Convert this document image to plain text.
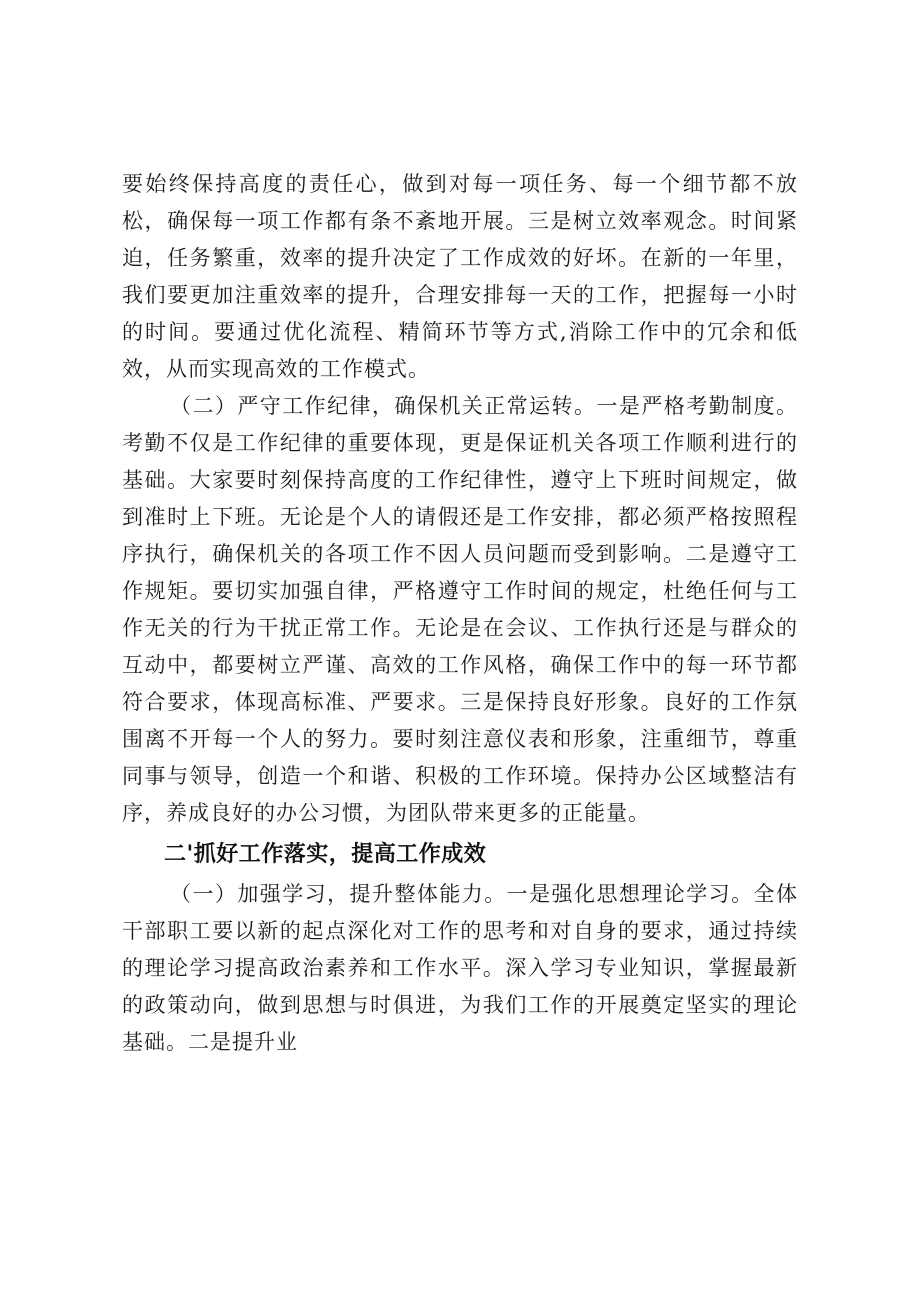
要始终保持高度的责任心，做到对每一项任务、每一个细节都不放松，确保每一项工作都有条不紊地开展。三是树立效率观念。时间紧迫，任务繁重，效率的提升决定了工作成效的好坏。在新的一年里，我们要更加注重效率的提升，合理安排每一天的工作，把握每一小时的时间。要通过优化流程、精简环节等方式,消除工作中的冗余和低效，从而实现高效的工作模式。

（二）严守工作纪律，确保机关正常运转。一是严格考勤制度。考勤不仅是工作纪律的重要体现，更是保证机关各项工作顺利进行的基础。大家要时刻保持高度的工作纪律性，遵守上下班时间规定，做到准时上下班。无论是个人的请假还是工作安排，都必须严格按照程序执行，确保机关的各项工作不因人员问题而受到影响。二是遵守工作规矩。要切实加强自律，严格遵守工作时间的规定，杜绝任何与工作无关的行为干扰正常工作。无论是在会议、工作执行还是与群众的互动中，都要树立严谨、高效的工作风格，确保工作中的每一环节都符合要求，体现高标准、严要求。三是保持良好形象。良好的工作氛围离不开每一个人的努力。要时刻注意仪表和形象，注重细节，尊重同事与领导，创造一个和谐、积极的工作环境。保持办公区域整洁有序，养成良好的办公习惯，为团队带来更多的正能量。

二'抓好工作落实，提高工作成效

（一）加强学习，提升整体能力。一是强化思想理论学习。全体干部职工要以新的起点深化对工作的思考和对自身的要求，通过持续的理论学习提高政治素养和工作水平。深入学习专业知识，掌握最新的政策动向，做到思想与时俱进，为我们工作的开展奠定坚实的理论基础。二是提升业
